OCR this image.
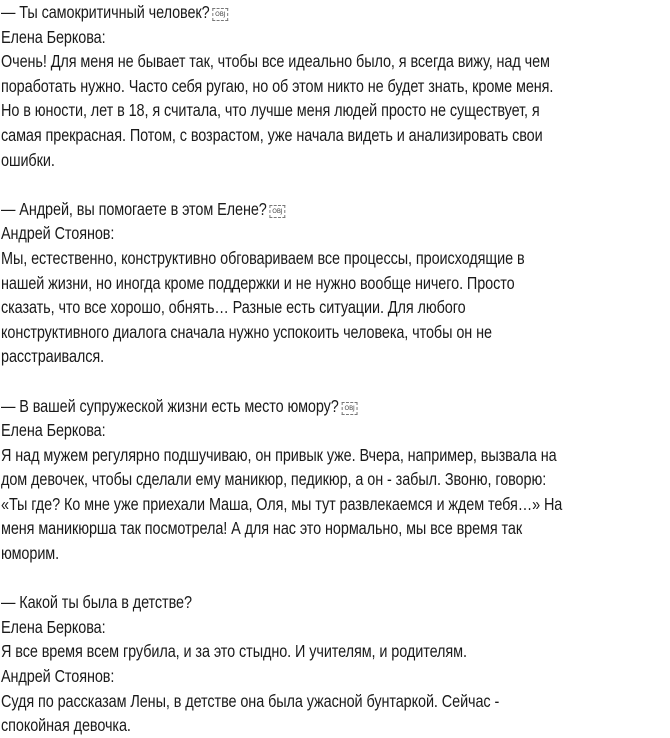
— Ты самокритичный человек? OBJ
Елена Беркова:
Очень! Для меня не бывает так, чтобы все идеально было, я всегда вижу, над чем
поработать нужно. Часто себя ругаю, но об этом никто не будет знать, кроме меня.
Но в юности, лет в 18, я считала, что лучше меня людей просто не существует, я
самая прекрасная. Потом, с возрастом, уже начала видеть и анализировать свои
ошибки.
— Андрей, вы помогаете в этом Елене? OBJ
Андрей Стоянов:
Мы, естественно, конструктивно обговариваем все процессы, происходящие в
нашей жизни, но иногда кроме поддержки и не нужно вообще ничего. Просто
сказать, что все хорошо, обнять… Разные есть ситуации. Для любого
конструктивного диалога сначала нужно успокоить человека, чтобы он не
расстраивался.
— В вашей супружеской жизни есть место юмору? OBJ
Елена Беркова:
Я над мужем регулярно подшучиваю, он привык уже. Вчера, например, вызвала на
дом девочек, чтобы сделали ему маникюр, педикюр, а он - забыл. Звоню, говорю:
«Ты где? Ко мне уже приехали Маша, Оля, мы тут развлекаемся и ждем тебя…» На
меня маникюрша так посмотрела! А для нас это нормально, мы все время так
юморим.
— Какой ты была в детстве?
Елена Беркова:
Я все время всем грубила, и за это стыдно. И учителям, и родителям.
Андрей Стоянов:
Судя по рассказам Лены, в детстве она была ужасной бунтаркой. Сейчас -
спокойная девочка.
